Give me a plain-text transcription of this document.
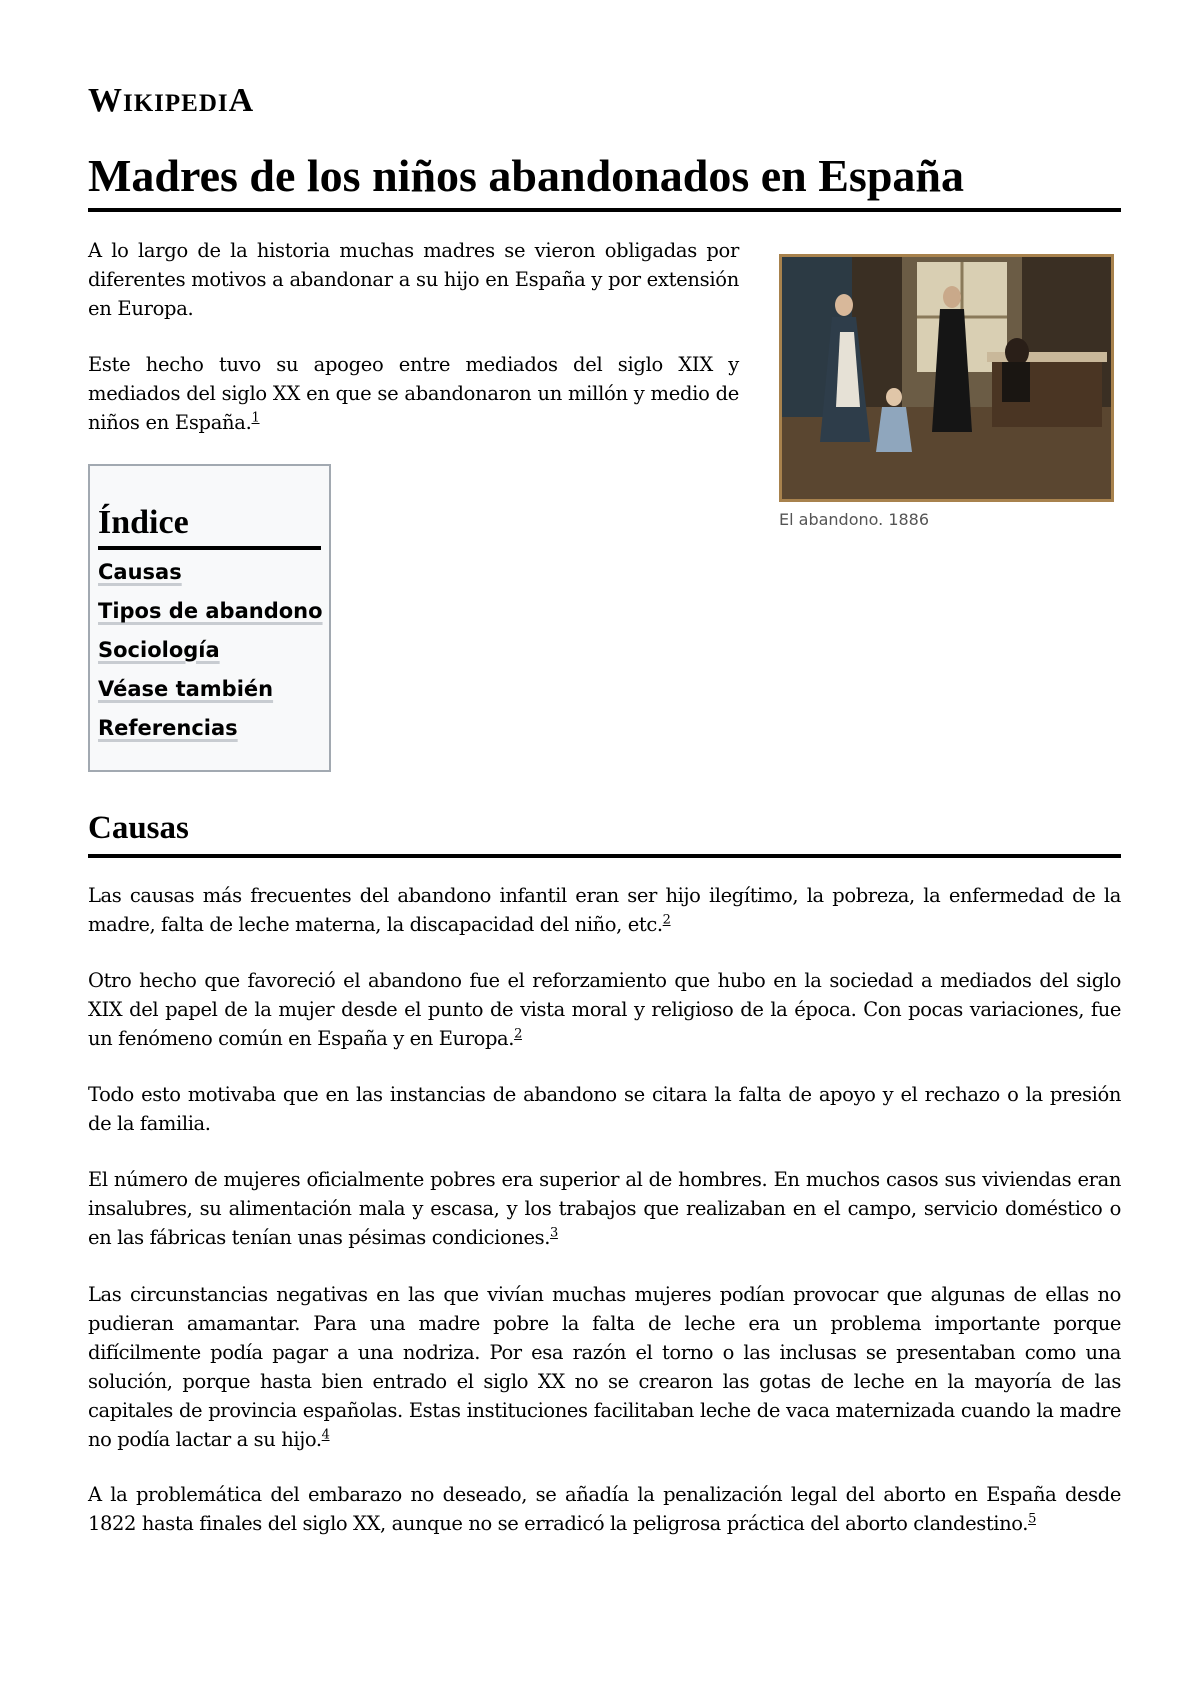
WIKIPEDIA
Madres de los niños abandonados en España

A lo largo de la historia muchas madres se vieron obligadas por diferentes motivos a abandonar a su hijo en España y por extensión en Europa.

Este hecho tuvo su apogeo entre mediados del siglo XIX y mediados del siglo XX en que se abandonaron un millón y medio de niños en España.$^1$

El abandono. 1886
Índice
Causas
Tipos de abandono
Sociología
Véase también
Referencias
Causas

Las causas más frecuentes del abandono infantil eran ser hijo ilegítimo, la pobreza, la enfermedad de la madre, falta de leche materna, la discapacidad del niño, etc.$^2$

Otro hecho que favoreció el abandono fue el reforzamiento que hubo en la sociedad a mediados del siglo XIX del papel de la mujer desde el punto de vista moral y religioso de la época. Con pocas variaciones, fue un fenómeno común en España y en Europa.$^2$

Todo esto motivaba que en las instancias de abandono se citara la falta de apoyo y el rechazo o la presión de la familia.

El número de mujeres oficialmente pobres era superior al de hombres. En muchos casos sus viviendas eran insalubres, su alimentación mala y escasa, y los trabajos que realizaban en el campo, servicio doméstico o en las fábricas tenían unas pésimas condiciones.$^3$

Las circunstancias negativas en las que vivían muchas mujeres podían provocar que algunas de ellas no pudieran amamantar. Para una madre pobre la falta de leche era un problema importante porque difícilmente podía pagar a una nodriza. Por esa razón el torno o las inclusas se presentaban como una solución, porque hasta bien entrado el siglo XX no se crearon las gotas de leche en la mayoría de las capitales de provincia españolas. Estas instituciones facilitaban leche de vaca maternizada cuando la madre no podía lactar a su hijo.$^4$

A la problemática del embarazo no deseado, se añadía la penalización legal del aborto en España desde 1822 hasta finales del siglo XX, aunque no se erradicó la peligrosa práctica del aborto clandestino.$^5$
